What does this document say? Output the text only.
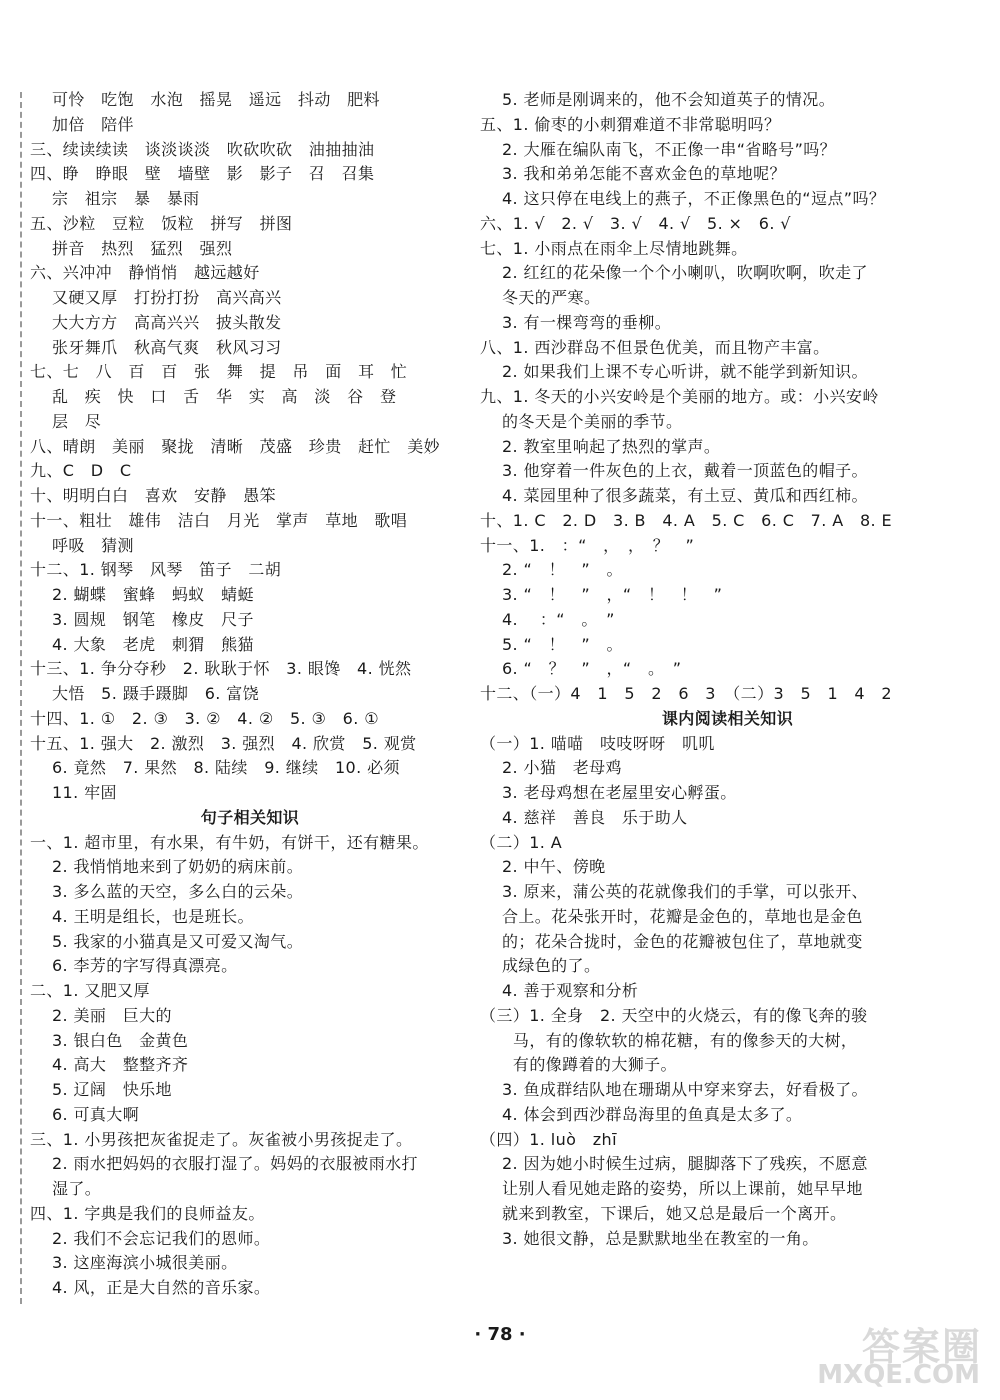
可怜　吃饱　水泡　摇晃　遥远　抖动　肥料
加倍　陪伴
三、续读续读　谈淡谈淡　吹砍吹砍　油抽抽油
四、睁　睁眼　壁　墙壁　影　影子　召　召集
宗　祖宗　暴　暴雨
五、沙粒　豆粒　饭粒　拼写　拼图
拼音　热烈　猛烈　强烈
六、兴冲冲　静悄悄　越远越好
又硬又厚　打扮打扮　高兴高兴
大大方方　高高兴兴　披头散发
张牙舞爪　秋高气爽　秋风习习
七、七　八　百　百　张　舞　提　吊　面　耳　忙
乱　疾　快　口　舌　华　实　高　淡　谷　登
层　尽
八、晴朗　美丽　聚拢　清晰　茂盛　珍贵　赶忙　美妙
九、C　D　C
十、明明白白　喜欢　安静　愚笨
十一、粗壮　雄伟　洁白　月光　掌声　草地　歌唱
呼吸　猜测
十二、1. 钢琴　风琴　笛子　二胡
2. 蝴蝶　蜜蜂　蚂蚁　蜻蜓
3. 圆规　钢笔　橡皮　尺子
4. 大象　老虎　刺猬　熊猫
十三、1. 争分夺秒　2. 耿耿于怀　3. 眼馋　4. 恍然
大悟　5. 蹑手蹑脚　6. 富饶
十四、1. ①　2. ③　3. ②　4. ②　5. ③　6. ①
十五、1. 强大　2. 激烈　3. 强烈　4. 欣赏　5. 观赏
6. 竟然　7. 果然　8. 陆续　9. 继续　10. 必须
11. 牢固
句子相关知识
一、1. 超市里，有水果，有牛奶，有饼干，还有糖果。
2. 我悄悄地来到了奶奶的病床前。
3. 多么蓝的天空，多么白的云朵。
4. 王明是组长，也是班长。
5. 我家的小猫真是又可爱又淘气。
6. 李芳的字写得真漂亮。
二、1. 又肥又厚
2. 美丽　巨大的
3. 银白色　金黄色
4. 高大　整整齐齐
5. 辽阔　快乐地
6. 可真大啊
三、1. 小男孩把灰雀捉走了。灰雀被小男孩捉走了。
2. 雨水把妈妈的衣服打湿了。妈妈的衣服被雨水打
湿了。
四、1. 字典是我们的良师益友。
2. 我们不会忘记我们的恩师。
3. 这座海滨小城很美丽。
4. 风，正是大自然的音乐家。
5. 老师是刚调来的，他不会知道英子的情况。
五、1. 偷枣的小刺猬难道不非常聪明吗？
2. 大雁在编队南飞，不正像一串“省略号”吗？
3. 我和弟弟怎能不喜欢金色的草地呢？
4. 这只停在电线上的燕子，不正像黑色的“逗点”吗？
六、1. √　2. √　3. √　4. √　5. ×　6. √
七、1. 小雨点在雨伞上尽情地跳舞。
2. 红红的花朵像一个个小喇叭，吹啊吹啊，吹走了
冬天的严寒。
3. 有一棵弯弯的垂柳。
八、1. 西沙群岛不但景色优美，而且物产丰富。
2. 如果我们上课不专心听讲，就不能学到新知识。
九、1. 冬天的小兴安岭是个美丽的地方。或：小兴安岭
的冬天是个美丽的季节。
2. 教室里响起了热烈的掌声。
3. 他穿着一件灰色的上衣，戴着一顶蓝色的帽子。
4. 菜园里种了很多蔬菜，有土豆、黄瓜和西红柿。
十、1. C　2. D　3. B　4. A　5. C　6. C　7. A　8. E
十一、1.　：“　，　，　？　”
2. “　！　”　。
3. “　！　”　，“　！　！　”
4. 　：“　。　”
5. “　！　”　。
6. “　？　”　，“　。　”
十二、（一）4　1　5　2　6　3　（二）3　5　1　4　2
课内阅读相关知识
（一）1. 喵喵　吱吱呀呀　叽叽
2. 小猫　老母鸡
3. 老母鸡想在老屋里安心孵蛋。
4. 慈祥　善良　乐于助人
（二）1. A
2. 中午、傍晚
3. 原来，蒲公英的花就像我们的手掌，可以张开、
合上。花朵张开时，花瓣是金色的，草地也是金色
的；花朵合拢时，金色的花瓣被包住了，草地就变
成绿色的了。
4. 善于观察和分析
（三）1. 全身　2. 天空中的火烧云，有的像飞奔的骏
马，有的像软软的棉花糖，有的像参天的大树，
有的像蹲着的大狮子。
3. 鱼成群结队地在珊瑚从中穿来穿去，好看极了。
4. 体会到西沙群岛海里的鱼真是太多了。
（四）1. luò　zhī
2. 因为她小时候生过病，腿脚落下了残疾，不愿意
让别人看见她走路的姿势，所以上课前，她早早地
就来到教室，下课后，她又总是最后一个离开。
3. 她很文静，总是默默地坐在教室的一角。
· 78 ·	答案圈
MXQE.COM
